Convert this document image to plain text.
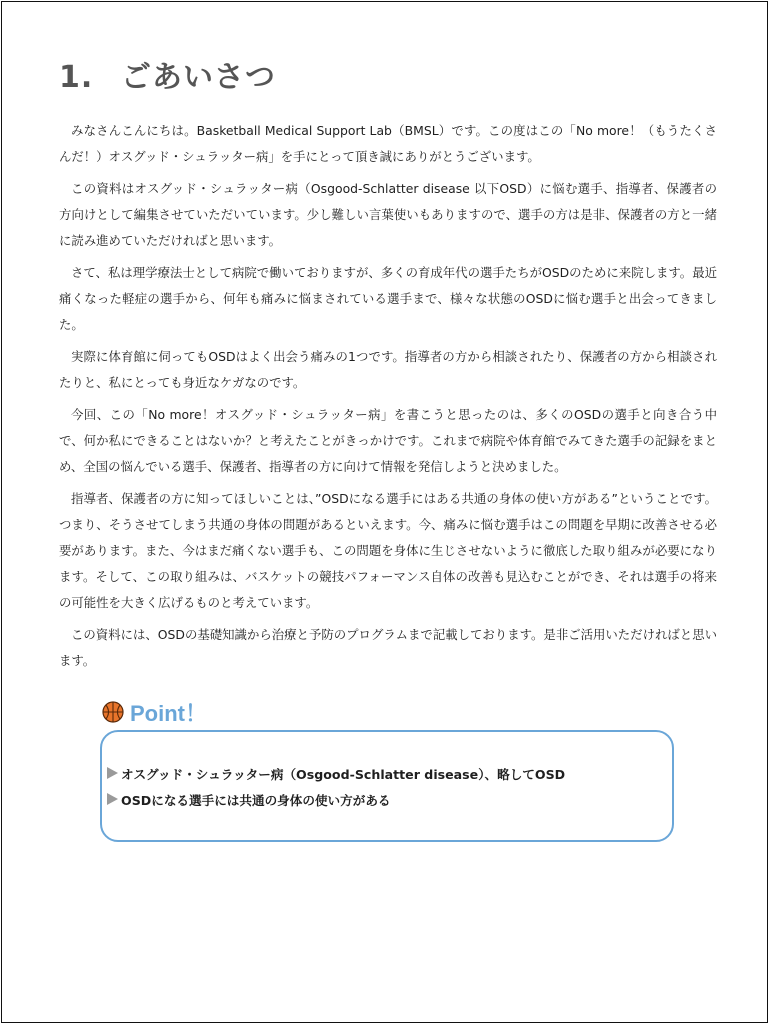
1. ごあいさつ

みなさんこんにちは。Basketball Medical Support Lab（BMSL）です。この度はこの「No more！（もうたくさんだ！）オスグッド・シュラッター病」を手にとって頂き誠にありがとうございます。

この資料はオスグッド・シュラッター病（Osgood-Schlatter disease 以下OSD）に悩む選手、指導者、保護者の方向けとして編集させていただいています。少し難しい言葉使いもありますので、選手の方は是非、保護者の方と一緒に読み進めていただければと思います。

さて、私は理学療法士として病院で働いておりますが、多くの育成年代の選手たちがOSDのために来院します。最近痛くなった軽症の選手から、何年も痛みに悩まされている選手まで、様々な状態のOSDに悩む選手と出会ってきました。

実際に体育館に伺ってもOSDはよく出会う痛みの1つです。指導者の方から相談されたり、保護者の方から相談されたりと、私にとっても身近なケガなのです。

今回、この「No more！オスグッド・シュラッター病」を書こうと思ったのは、多くのOSDの選手と向き合う中で、何か私にできることはないか？と考えたことがきっかけです。これまで病院や体育館でみてきた選手の記録をまとめ、全国の悩んでいる選手、保護者、指導者の方に向けて情報を発信しようと決めました。

指導者、保護者の方に知ってほしいことは、”OSDになる選手にはある共通の身体の使い方がある”ということです。つまり、そうさせてしまう共通の身体の問題があるといえます。今、痛みに悩む選手はこの問題を早期に改善させる必要があります。また、今はまだ痛くない選手も、この問題を身体に生じさせないように徹底した取り組みが必要になります。そして、この取り組みは、バスケットの競技パフォーマンス自体の改善も見込むことができ、それは選手の将来の可能性を大きく広げるものと考えています。

この資料には、OSDの基礎知識から治療と予防のプログラムまで記載しております。是非ご活用いただければと思います。

Point！
オスグッド・シュラッター病（Osgood-Schlatter disease）、略してOSD
OSDになる選手には共通の身体の使い方がある
